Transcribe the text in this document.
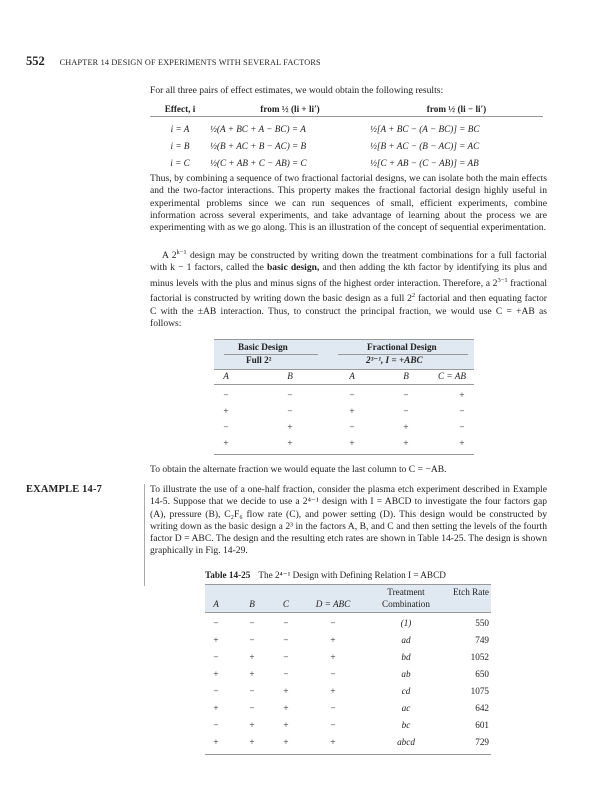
552 CHAPTER 14 DESIGN OF EXPERIMENTS WITH SEVERAL FACTORS
For all three pairs of effect estimates, we would obtain the following results:
Effect, i	from ½ (li + li′)	from ½ (li − li′)
i = A	½(A + BC + A − BC) = A	½[A + BC − (A − BC)] = BC
i = B	½(B + AC + B − AC) = B	½[B + AC − (B − AC)] = AC
i = C	½(C + AB + C − AB) = C	½[C + AB − (C − AB)] = AB
Thus, by combining a sequence of two fractional factorial designs, we can isolate both the main effects and the two-factor interactions. This property makes the fractional factorial design highly useful in experimental problems since we can run sequences of small, efficient experiments, combine information across several experiments, and take advantage of learning about the process we are experimenting with as we go along. This is an illustration of the concept of sequential experimentation.
A $2^{k-1}$ design may be constructed by writing down the treatment combinations for a full factorial with k − 1 factors, called the basic design, and then adding the kth factor by identifying its plus and minus levels with the plus and minus signs of the highest order interaction. Therefore, a $2^{3-1}$ fractional factorial is constructed by writing down the basic design as a full $2^2$ factorial and then equating factor C with the ±AB interaction. Thus, to construct the principal fraction, we would use C = +AB as follows:
Basic Design
Full 2²
Fractional Design
2³⁻¹, I = +ABC
A	B	A	B	C = AB
−	−	−	−	+
+	−	+	−	−
−	+	−	+	−
+	+	+	+	+
To obtain the alternate fraction we would equate the last column to C = −AB.
EXAMPLE 14-7	To illustrate the use of a one-half fraction, consider the plasma etch experiment described in Example 14-5. Suppose that we decide to use a 2⁴⁻¹ design with I = ABCD to investigate the four factors gap (A), pressure (B), C₂F₆ flow rate (C), and power setting (D). This design would be constructed by writing down as the basic design a 2³ in the factors A, B, and C and then setting the levels of the fourth factor D = ABC. The design and the resulting etch rates are shown in Table 14-25. The design is shown graphically in Fig. 14-29.
Table 14-25 The 2⁴⁻¹ Design with Defining Relation I = ABCD
A	B	C	D = ABC
Treatment Combination
Etch Rate
−	−	−	−	(1)	550
+	−	−	+	ad	749
−	+	−	+	bd	1052
+	+	−	−	ab	650
−	−	+	+	cd	1075
+	−	+	−	ac	642
−	+	+	−	bc	601
+	+	+	+	abcd	729
